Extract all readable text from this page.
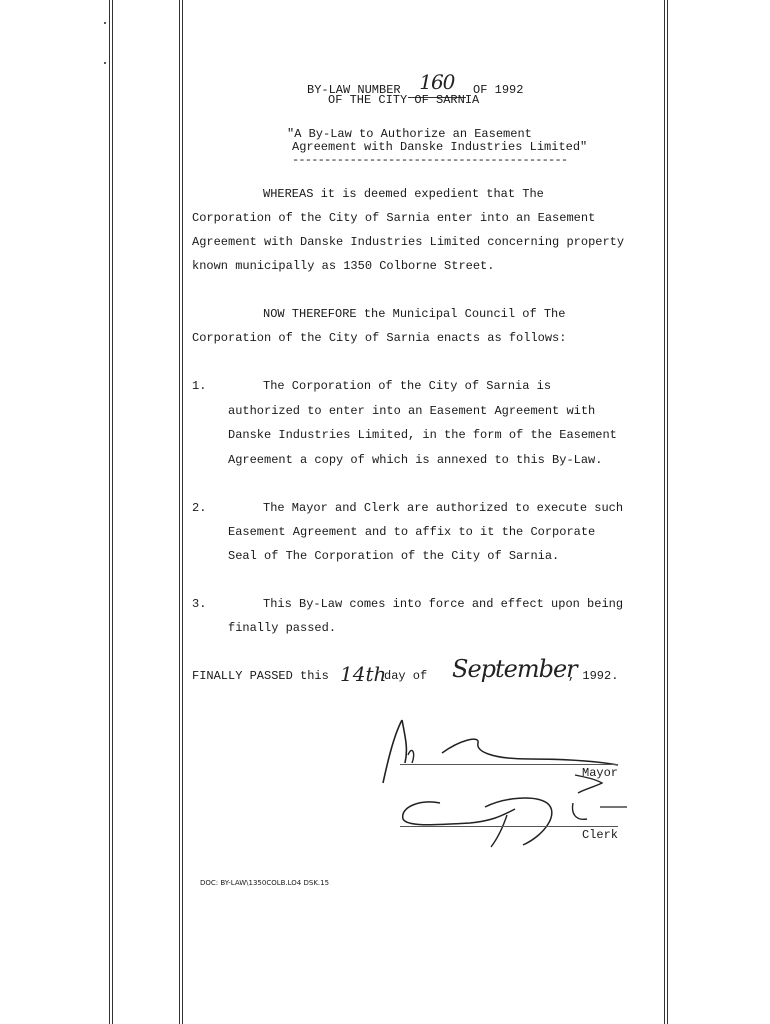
BY-LAW NUMBER 160 OF 1992
OF THE CITY OF SARNIA
"A By-Law to Authorize an Easement
Agreement with Danske Industries Limited"
-------------------------------------------
WHEREAS it is deemed expedient that The
Corporation of the City of Sarnia enter into an Easement
Agreement with Danske Industries Limited concerning property
known municipally as 1350 Colborne Street.
NOW THEREFORE the Municipal Council of The
Corporation of the City of Sarnia enacts as follows:
1.	The Corporation of the City of Sarnia is
authorized to enter into an Easement Agreement with
Danske Industries Limited, in the form of the Easement
Agreement a copy of which is annexed to this By-Law.
2.	The Mayor and Clerk are authorized to execute such
Easement Agreement and to affix to it the Corporate
Seal of The Corporation of the City of Sarnia.
3.	This By-Law comes into force and effect upon being
finally passed.
FINALLY PASSED this 14th
day of September
, 1992.
Mayor
Clerk
DOC: BY-LAW\1350COLB.LO4 DSK.15
